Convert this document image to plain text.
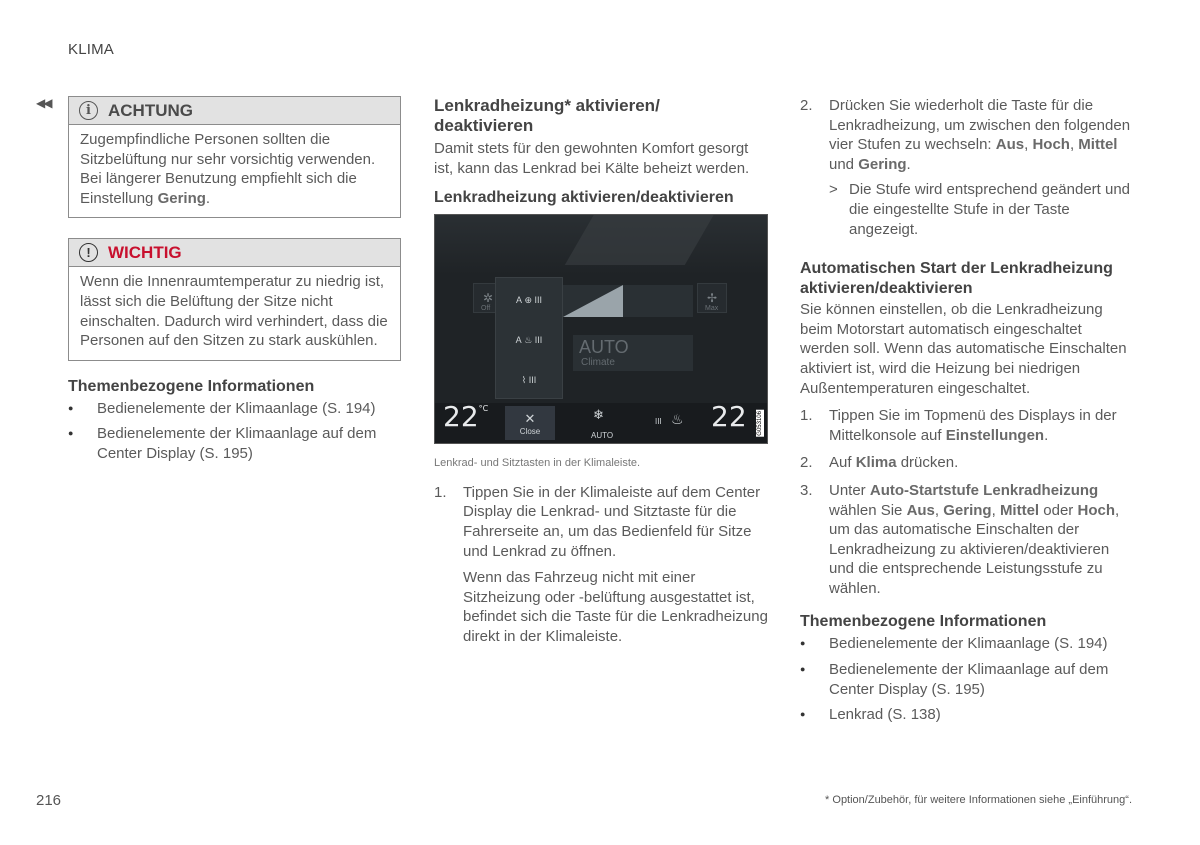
KLIMA
◀◀	i	ACHTUNG

Zugempfindliche Personen sollten die Sitzbelüftung nur sehr vorsichtig verwenden. Bei längerer Benutzung empfiehlt sich die Einstellung Gering.

!	WICHTIG

Wenn die Innenraumtemperatur zu niedrig ist, lässt sich die Belüftung der Sitze nicht einschalten. Dadurch wird verhindert, dass die Personen auf den Sitzen zu stark auskühlen.

Themenbezogene Informationen
● Bedienelemente der Klimaanlage (S. 194)
● Bedienelemente der Klimaanlage auf dem Center Display (S. 195)
Lenkradheizung* aktivieren/ deaktivieren

Damit stets für den gewohnten Komfort gesorgt ist, kann das Lenkrad bei Kälte beheizt werden.

Lenkradheizung aktivieren/deaktivieren
✲
Off
A
⊕
III
A
♨
III
⌇
III
✢
Max
AUTO
Climate
$22^{^\circ C}$
✕
Close
❄
AUTO
III ♨ 22 G053106

Lenkrad- und Sitztasten in der Klimaleiste.

1. Tippen Sie in der Klimaleiste auf dem Center Display die Lenkrad- und Sitztaste für die Fahrerseite an, um das Bedienfeld für Sitze und Lenkrad zu öffnen.

Wenn das Fahrzeug nicht mit einer Sitzheizung oder -belüftung ausgestattet ist, befindet sich die Taste für die Lenkradheizung direkt in der Klimaleiste.

2. Drücken Sie wiederholt die Taste für die Lenkradheizung, um zwischen den folgenden vier Stufen zu wechseln: Aus, Hoch, Mittel und Gering.

> Die Stufe wird entsprechend geändert und die eingestellte Stufe in der Taste angezeigt.

Automatischen Start der Lenkradheizung aktivieren/deaktivieren

Sie können einstellen, ob die Lenkradheizung beim Motorstart automatisch eingeschaltet werden soll. Wenn das automatische Einschalten aktiviert ist, wird die Heizung bei niedrigen Außentemperaturen eingeschaltet.

1. Tippen Sie im Topmenü des Displays in der Mittelkonsole auf Einstellungen.

2. Auf Klima drücken.

3. Unter Auto-Startstufe Lenkradheizung wählen Sie Aus, Gering, Mittel oder Hoch, um das automatische Einschalten der Lenkradheizung zu aktivieren/deaktivieren und die entsprechende Leistungsstufe zu wählen.

Themenbezogene Informationen
● Bedienelemente der Klimaanlage (S. 194)
● Bedienelemente der Klimaanlage auf dem Center Display (S. 195)
● Lenkrad (S. 138)
216	* Option/Zubehör, für weitere Informationen siehe „Einführung“.
